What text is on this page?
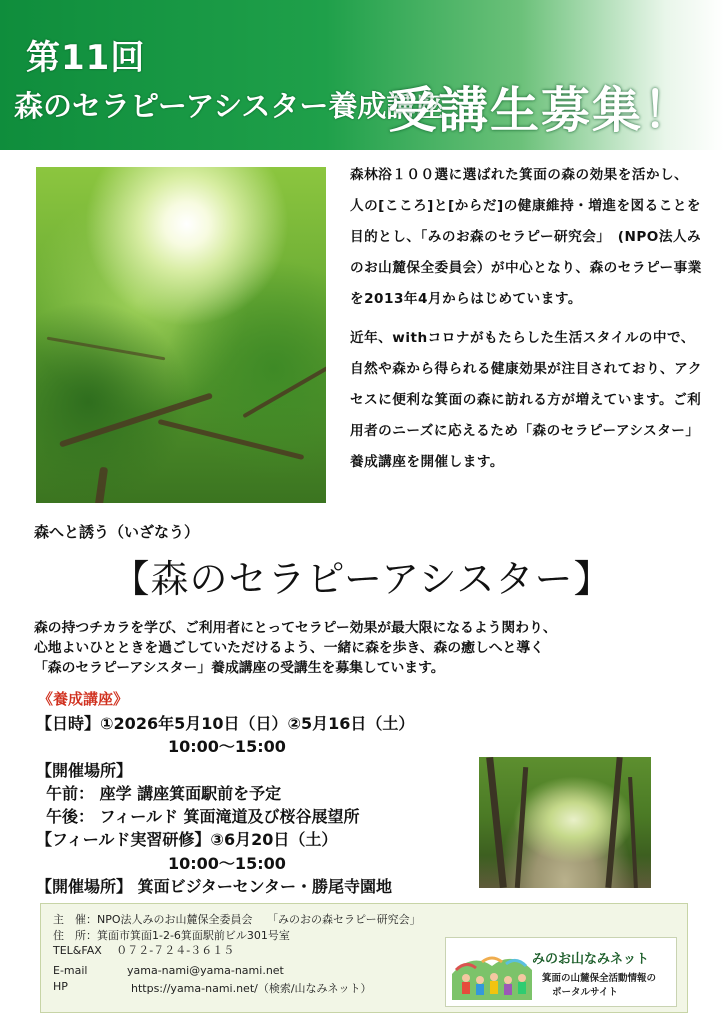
第11回
森のセラピーアシスター養成講座
受講生募集！

森林浴１００選に選ばれた箕面の森の効果を活かし、人の[こころ]と[からだ]の健康維持・増進を図ることを目的とし、「みのお森のセラピー研究会」　(NPO法人みのお山麓保全委員会）が中心となり、森のセラピー事業を2013年4月からはじめています。

近年、withコロナがもたらした生活スタイルの中で、自然や森から得られる健康効果が注目されており、アクセスに便利な箕面の森に訪れる方が増えています。ご利用者のニーズに応えるため「森のセラピーアシスター」養成講座を開催します。

森へと誘う（いざなう）
【森のセラピーアシスター】
森の持つチカラを学び、ご利用者にとってセラピー効果が最大限になるよう関わり、
心地よいひとときを過ごしていただけるよう、一緒に森を歩き、森の癒しへと導く
「森のセラピーアシスター」養成講座の受講生を募集しています。
《養成講座》
【日時】①2026年5月10日（日）②5月16日（土）
10:00～15:00
【開催場所】
午前： 座学 講座箕面駅前を予定
午後： フィールド 箕面滝道及び桜谷展望所
【フィールド実習研修】③6月20日（土）
10:00～15:00
【開催場所】 箕面ビジターセンター・勝尾寺園地
主　催：NPO法人みのお山麓保全委員会　 「みのおの森セラピー研究会」
住　所：箕面市箕面1-2-6箕面駅前ビル301号室
TEL&FAX　 ０７２-７２４-３６１５
E-mail	yama-nami@yama-nami.net
HP	https://yama-nami.net/（検索/山なみネット）
みのお山なみネット
箕面の山麓保全活動情報の
ポータルサイト
